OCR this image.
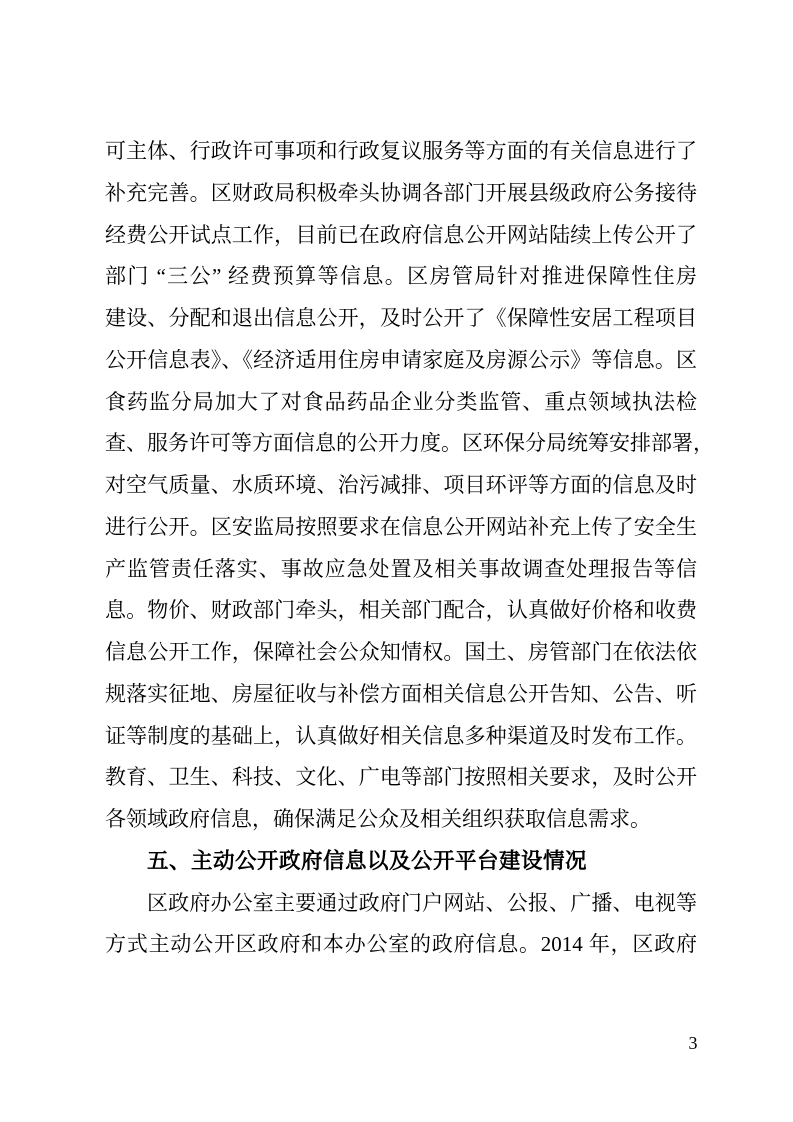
可主体、行政许可事项和行政复议服务等方面的有关信息进行了
补充完善。区财政局积极牵头协调各部门开展县级政府公务接待
经费公开试点工作，目前已在政府信息公开网站陆续上传公开了
部门 “三公” 经费预算等信息。区房管局针对推进保障性住房
建设、分配和退出信息公开，及时公开了《保障性安居工程项目
公开信息表》、《经济适用住房申请家庭及房源公示》等信息。区
食药监分局加大了对食品药品企业分类监管、重点领域执法检
查、服务许可等方面信息的公开力度。区环保分局统筹安排部署，
对空气质量、水质环境、治污减排、项目环评等方面的信息及时
进行公开。区安监局按照要求在信息公开网站补充上传了安全生
产监管责任落实、事故应急处置及相关事故调查处理报告等信
息。物价、财政部门牵头，相关部门配合，认真做好价格和收费
信息公开工作，保障社会公众知情权。国土、房管部门在依法依
规落实征地、房屋征收与补偿方面相关信息公开告知、公告、听
证等制度的基础上，认真做好相关信息多种渠道及时发布工作。
教育、卫生、科技、文化、广电等部门按照相关要求，及时公开
各领域政府信息，确保满足公众及相关组织获取信息需求。
五、主动公开政府信息以及公开平台建设情况
区政府办公室主要通过政府门户网站、公报、广播、电视等
方式主动公开区政府和本办公室的政府信息。2014 年，区政府
3
